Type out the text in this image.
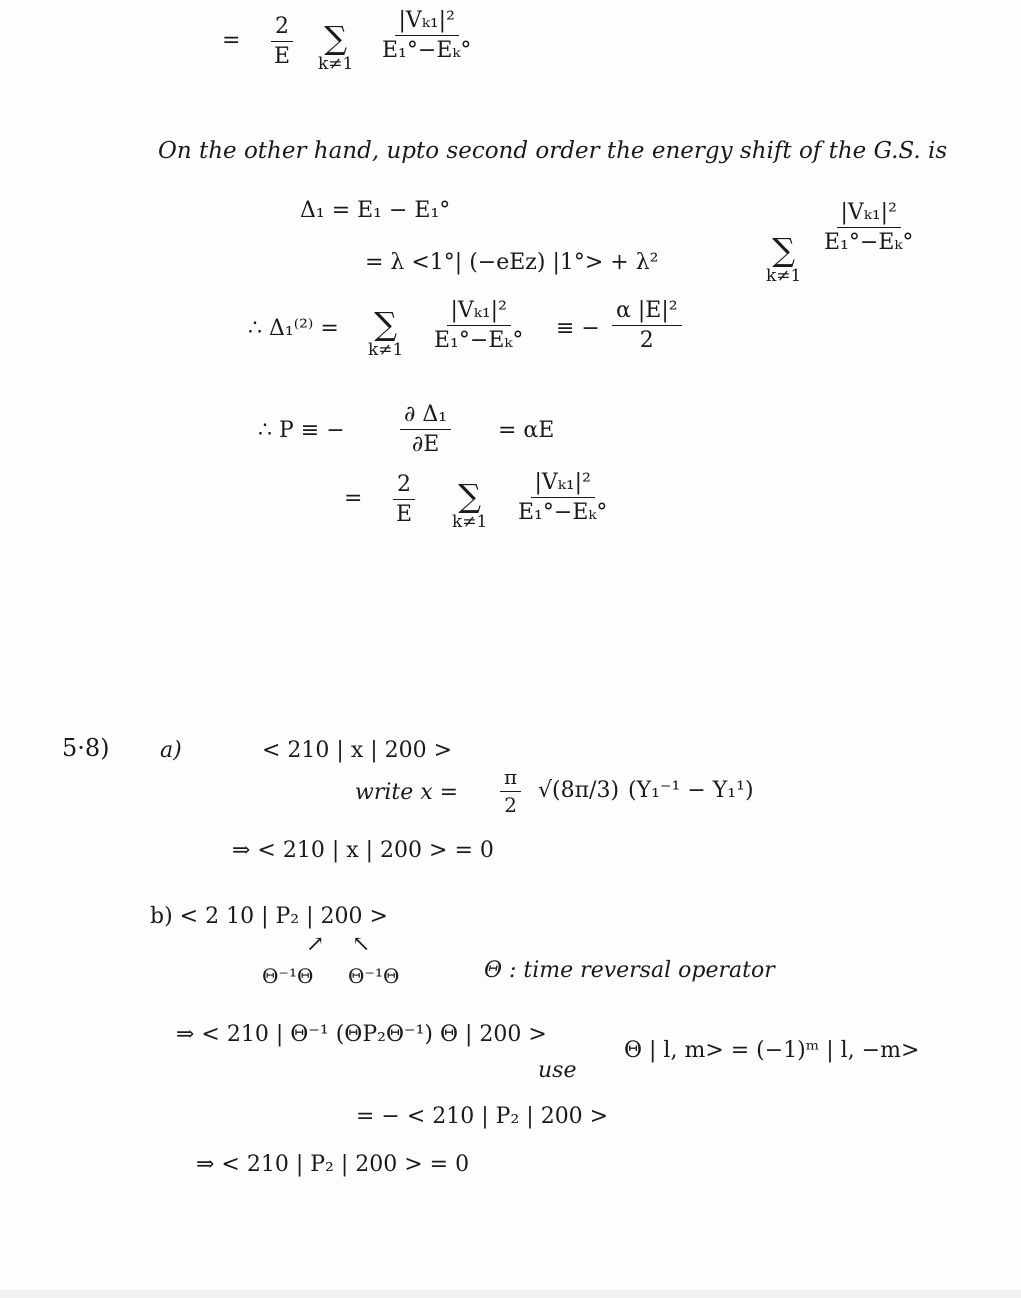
= $\frac{2}{E}$ ∑
k≠1
$\frac{\text{|Vₖ₁|²}}{\text{E₁°−Eₖ°}}$
On the other hand, upto second order the energy shift of the G.S. is
Δ₁ = E₁ − E₁°
= λ <1°| (−eEz) |1°> + λ²	∑
k≠1
$\frac{\text{|Vₖ₁|²}}{\text{E₁°−Eₖ°}}$
∴ Δ₁⁽²⁾ = ∑
$k\ne 1 \frac{\text{|Vₖ₁|²}}{\text{E₁°−Eₖ°}}$ ≡ − $\frac{\text{α |E|²}}{2}$
∴ P ≡ −	$\frac{\text{∂ Δ₁}}{\partial E} = \alpha E$
= $\frac{2}{E}$ ∑
$k\ne 1 \frac{\text{|Vₖ₁|²}}{\text{E₁°−Eₖ°}}$
5·8) a)	< 210 | x | 200 >
write $x = \frac{\pi}{2} √(8\pi/3) (Y_1^{-1} - Y_1^1)$
⇒ < 210 | x | 200 > = 0
b) < 2 10 | P₂ | 200 >
↗ ↖
Θ⁻¹Θ Θ⁻¹Θ	Θ : time reversal operator
⇒ < 210 | Θ⁻¹ (ΘP₂Θ⁻¹) Θ | 200 >
use
Θ | l, m> = (−1)ᵐ | l, −m>
= − < 210 | P₂ | 200 >
⇒ < 210 | P₂ | 200 > = 0
